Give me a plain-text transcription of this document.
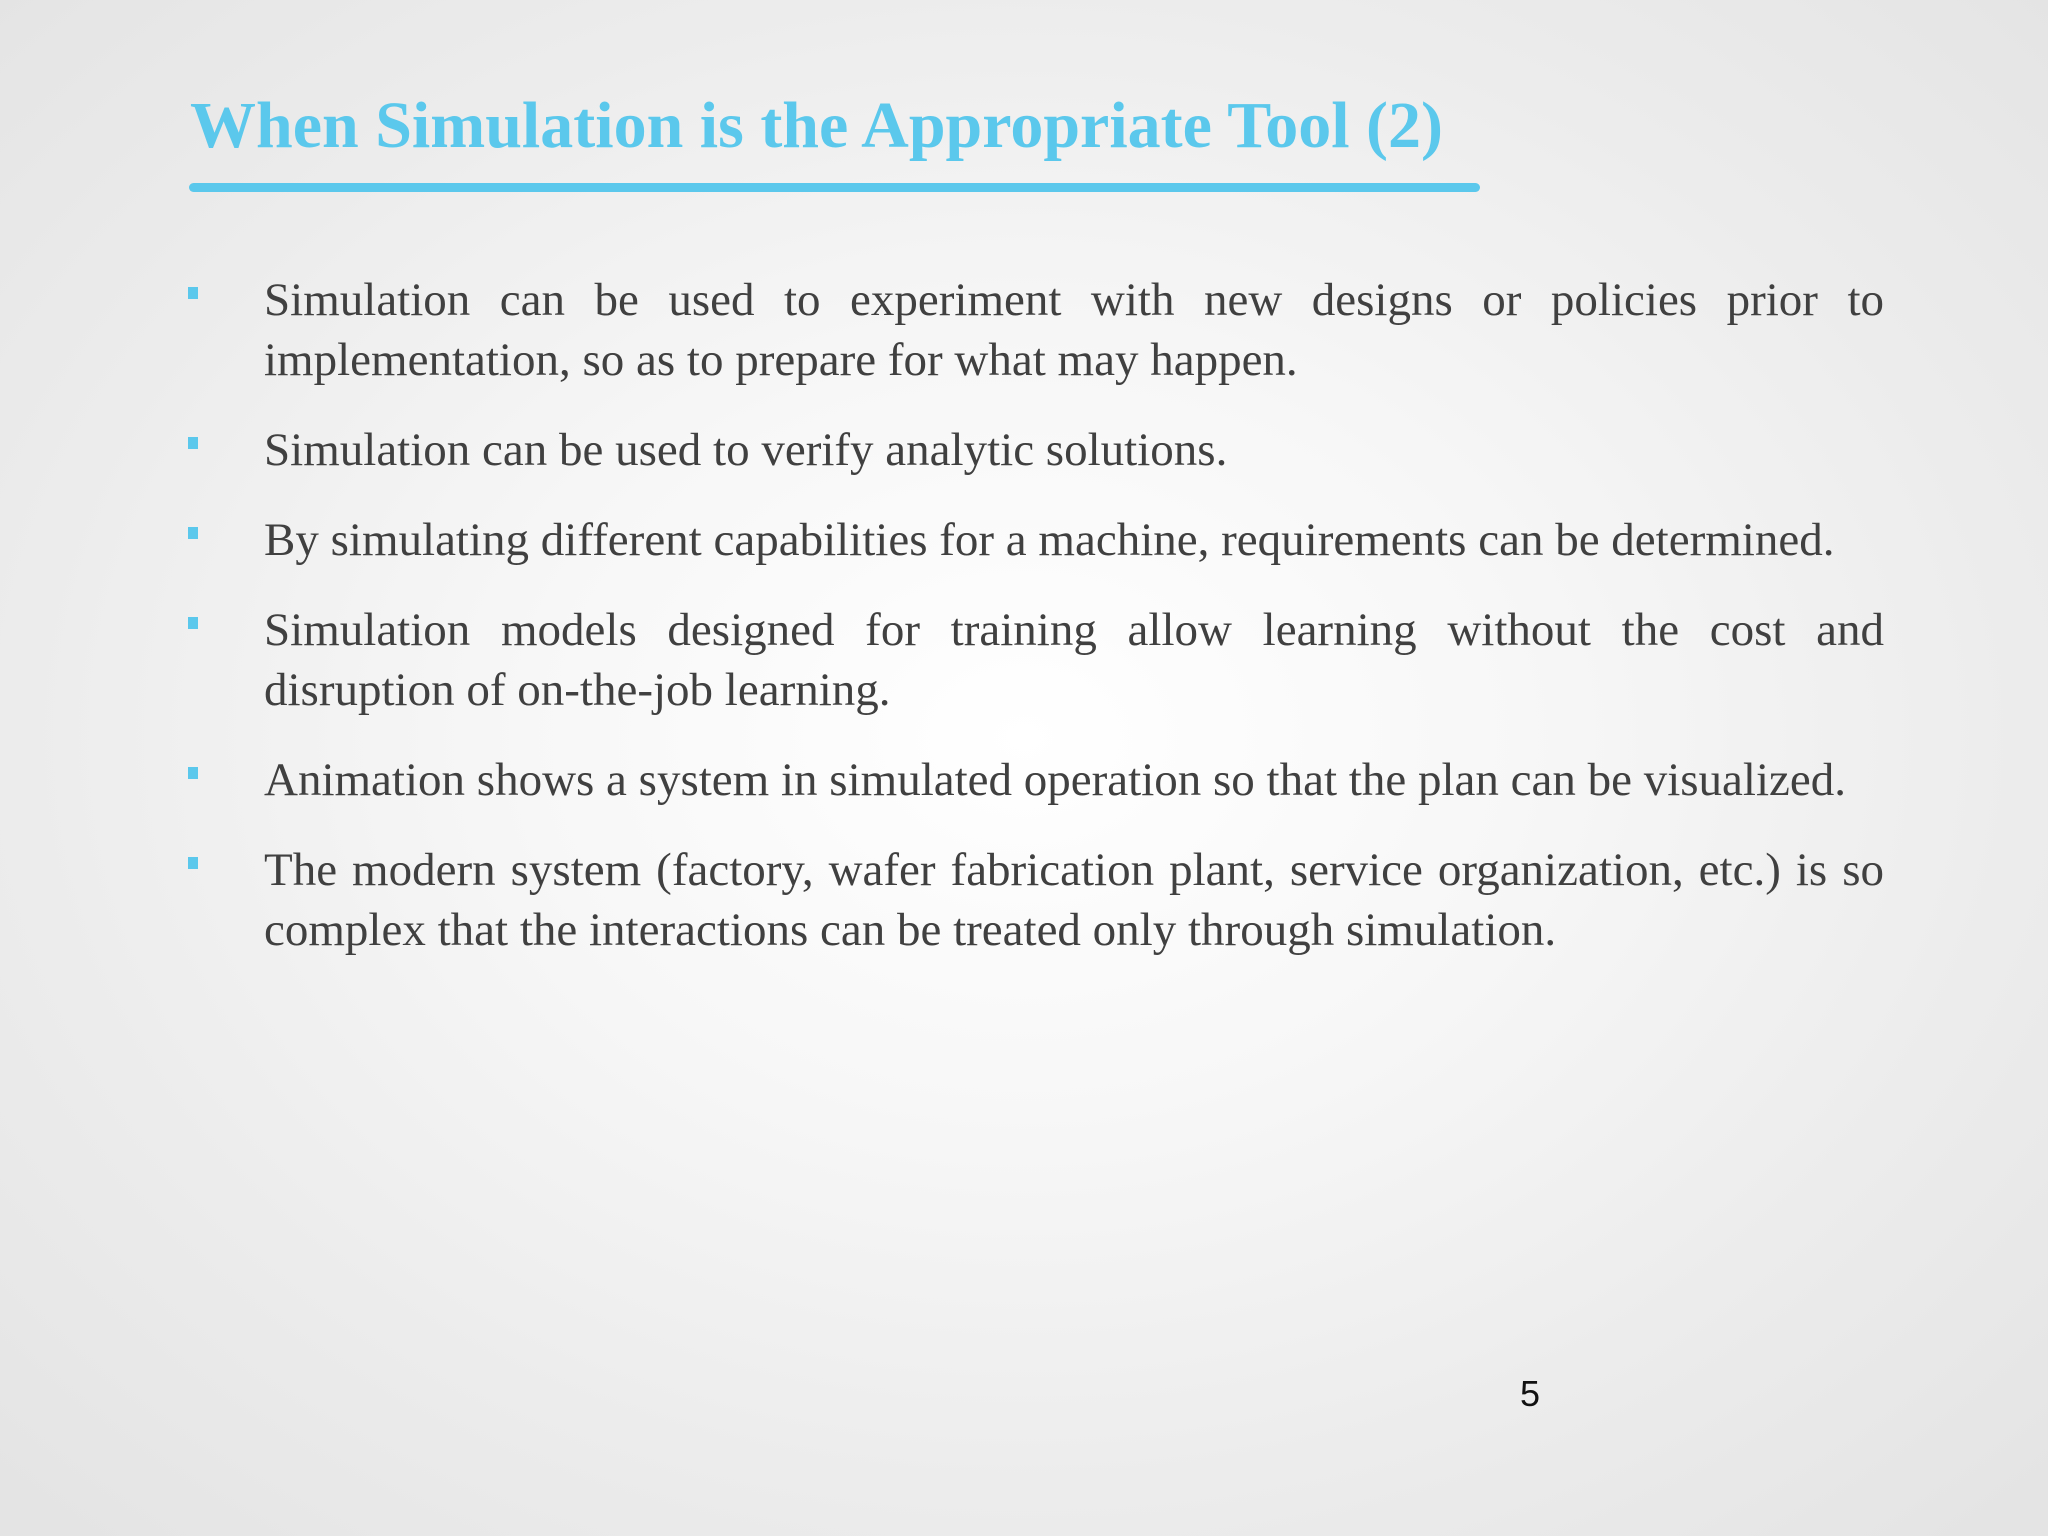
When Simulation is the Appropriate Tool (2)
Simulation can be used to experiment with new designs or policies prior to implementation, so as to prepare for what may happen.
Simulation can be used to verify analytic solutions.
By simulating different capabilities for a machine, requirements can be determined.
Simulation models designed for training allow learning without the cost and disruption of on-the-job learning.
Animation shows a system in simulated operation so that the plan can be visualized.
The modern system (factory, wafer fabrication plant, service organization, etc.) is so complex that the interactions can be treated only through simulation.
5
